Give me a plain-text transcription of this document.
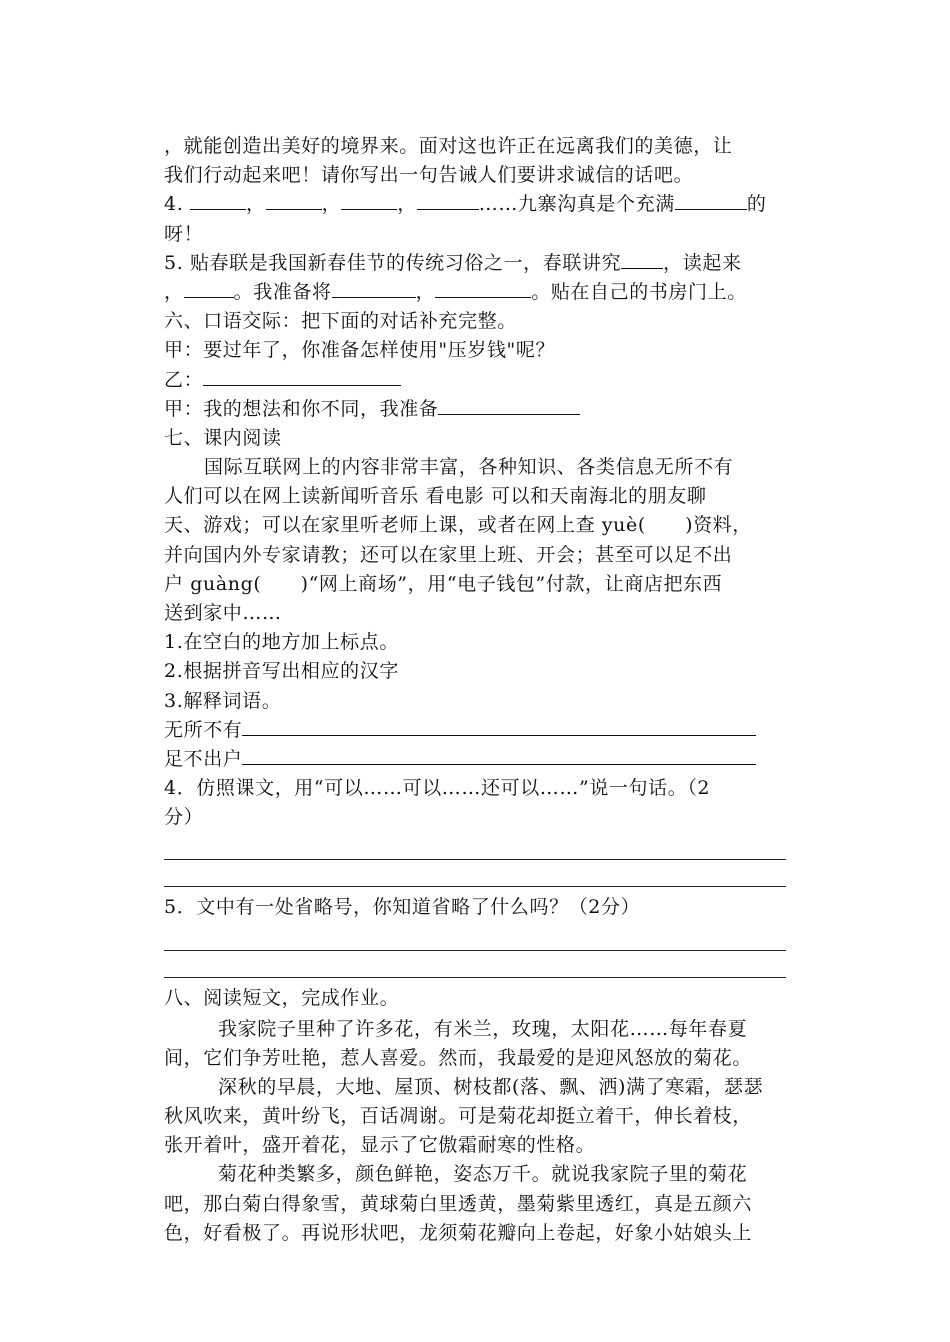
，就能创造出美好的境界来。面对这也许正在远离我们的美德，让
我们行动起来吧！请你写出一句告诫人们要讲求诚信的话吧。
4.	，	，	，	……九寨沟真是个充满	的
呀！
5. 贴春联是我国新春佳节的传统习俗之一，春联讲究 ，读起来
，	。我准备将	，	。贴在自己的书房门上。
六、口语交际：把下面的对话补充完整。
甲：要过年了，你准备怎样使用"压岁钱"呢？
乙：
甲：我的想法和你不同，我准备
七、课内阅读
国际互联网上的内容非常丰富，各种知识、各类信息无所不有
人们可以在网上读新闻听音乐 看电影 可以和天南海北的朋友聊
天、游戏；可以在家里听老师上课，或者在网上查 yuè(　　)资料，
并向国内外专家请教；还可以在家里上班、开会；甚至可以足不出
户 guàng(　　)“网上商场”，用“电子钱包”付款，让商店把东西
送到家中……
1.在空白的地方加上标点。
2.根据拼音写出相应的汉字
3.解释词语。
无所不有
足不出户
4．仿照课文，用“可以……可以……还可以……”说一句话。（2
分）
5．文中有一处省略号，你知道省略了什么吗？（2分）
八、阅读短文，完成作业。
我家院子里种了许多花，有米兰，玫瑰，太阳花……每年春夏
间，它们争芳吐艳，惹人喜爱。然而，我最爱的是迎风怒放的菊花。
深秋的早晨，大地、屋顶、树枝都(落、飘、洒)满了寒霜，瑟瑟
秋风吹来，黄叶纷飞，百话凋谢。可是菊花却挺立着干，伸长着枝，
张开着叶，盛开着花，显示了它傲霜耐寒的性格。
菊花种类繁多，颜色鲜艳，姿态万千。就说我家院子里的菊花
吧，那白菊白得象雪，黄球菊白里透黄，墨菊紫里透红，真是五颜六
色，好看极了。再说形状吧，龙须菊花瓣向上卷起，好象小姑娘头上
